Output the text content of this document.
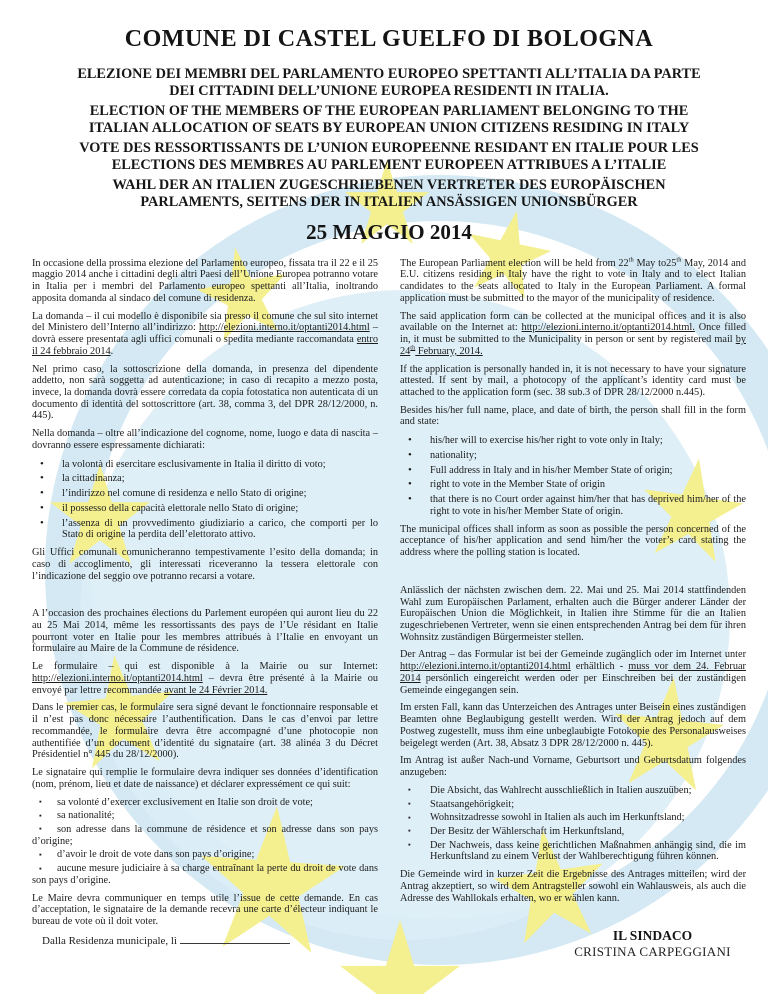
COMUNE DI CASTEL GUELFO DI BOLOGNA
ELEZIONE DEI MEMBRI DEL PARLAMENTO EUROPEO SPETTANTI ALL’ITALIA DA PARTE DEI CITTADINI DELL’UNIONE EUROPEA RESIDENTI IN ITALIA.
ELECTION OF THE MEMBERS OF THE EUROPEAN PARLIAMENT BELONGING TO THE ITALIAN ALLOCATION OF SEATS BY EUROPEAN UNION CITIZENS RESIDING IN ITALY
VOTE DES RESSORTISSANTS DE L’UNION EUROPEENNE RESIDANT EN ITALIE POUR LES ELECTIONS DES MEMBRES AU PARLEMENT EUROPEEN ATTRIBUES A L’ITALIE
WAHL DER AN ITALIEN ZUGESCHRIEBENEN VERTRETER DES EUROPÄISCHEN PARLAMENTS, SEITENS DER IN ITALIEN ANSÄSSIGEN UNIONSBÜRGER
25 MAGGIO 2014
In occasione della prossima elezione del Parlamento europeo, fissata tra il 22 e il 25 maggio 2014 anche i cittadini degli altri Paesi dell’Unione Europea potranno votare in Italia per i membri del Parlamento europeo spettanti all’Italia, inoltrando apposita domanda al sindaco del comune di residenza.
La domanda – il cui modello è disponibile sia presso il comune che sul sito internet del Ministero dell’Interno all’indirizzo: http://elezioni.interno.it/optanti2014.html – dovrà essere presentata agli uffici comunali o spedita mediante raccomandata entro il 24 febbraio 2014.
Nel primo caso, la sottoscrizione della domanda, in presenza del dipendente addetto, non sarà soggetta ad autenticazione; in caso di recapito a mezzo posta, invece, la domanda dovrà essere corredata da copia fotostatica non autenticata di un documento di identità del sottoscrittore (art. 38, comma 3, del DPR 28/12/2000, n. 445).
Nella domanda – oltre all’indicazione del cognome, nome, luogo e data di nascita – dovranno essere espressamente dichiarati:
• la volontà di esercitare esclusivamente in Italia il diritto di voto;
• la cittadinanza;
• l’indirizzo nel comune di residenza e nello Stato di origine;
• il possesso della capacità elettorale nello Stato di origine;
• l’assenza di un provvedimento giudiziario a carico, che comporti per lo Stato di origine la perdita dell’elettorato attivo.
Gli Uffici comunali comunicheranno tempestivamente l’esito della domanda; in caso di accoglimento, gli interessati riceveranno la tessera elettorale con l’indicazione del seggio ove potranno recarsi a votare.
A l’occasion des prochaines élections du Parlement européen qui auront lieu du 22 au 25 Mai 2014, même les ressortissants des pays de l’Ue résidant en Italie pourront voter en Italie pour les membres attribués à l’Italie en envoyant un formulaire au Maire de la Commune de résidence.
Le formulaire – qui est disponible à la Mairie ou sur Internet: http://elezioni.interno.it/optanti2014.html – devra être présenté à la Mairie ou envoyé par lettre recommandée avant le 24 Février 2014.
Dans le premier cas, le formulaire sera signé devant le fonctionnaire responsable et il n’est pas donc nécessaire l’authentification. Dans le cas d’envoi par lettre recommandée, le formulaire devra être accompagné d’une photocopie non authentifiée d’un document d’identité du signataire (art. 38 alinéa 3 du Décret Présidentiel n° 445 du 28/12/2000).
Le signataire qui remplie le formulaire devra indiquer ses données d’identification (nom, prénom, lieu et date de naissance) et déclarer expressément ce qui suit:
▪ sa volonté d’exercer exclusivement en Italie son droit de vote;
▪ sa nationalité;
▪ son adresse dans la commune de résidence et son adresse dans son pays d’origine;
▪ d’avoir le droit de vote dans son pays d’origine;
▪ aucune mesure judiciaire à sa charge entraînant la perte du droit de vote dans son pays d’origine.
Le Maire devra communiquer en temps utile l’issue de cette demande. En cas d’acceptation, le signataire de la demande recevra une carte d’électeur indiquant le bureau de vote où il doit voter.
The European Parliament election will be held from 22th May to25th May, 2014 and E.U. citizens residing in Italy have the right to vote in Italy and to elect Italian candidates to the seats allocated to Italy in the European Parliament. A formal application must be submitted to the mayor of the municipality of residence.
The said application form can be collected at the municipal offices and it is also available on the Internet at: http://elezioni.interno.it/optanti2014.html. Once filled in, it must be submitted to the Municipality in person or sent by registered mail by 24th February, 2014.
If the application is personally handed in, it is not necessary to have your signature attested. If sent by mail, a photocopy of the applicant’s identity card must be attached to the application form (sec. 38 sub.3 of DPR 28/12/2000 n.445).
Besides his/her full name, place, and date of birth, the person shall fill in the form and state:
• his/her will to exercise his/her right to vote only in Italy;
• nationality;
• Full address in Italy and in his/her Member State of origin;
• right to vote in the Member State of origin
• that there is no Court order against him/her that has deprived him/her of the right to vote in his/her Member State of origin.
The municipal offices shall inform as soon as possible the person concerned of the acceptance of his/her application and send him/her the voter’s card stating the address where the polling station is located.
Anlässlich der nächsten zwischen dem. 22. Mai und 25. Mai 2014 stattfindenden Wahl zum Europäischen Parlament, erhalten auch die Bürger anderer Länder der Europäischen Union die Möglichkeit, in Italien ihre Stimme für die an Italien zugeschriebenen Vertreter, wenn sie einen entsprechenden Antrag bei dem für ihren Wohnsitz zuständigen Bürgermeister stellen.
Der Antrag – das Formular ist bei der Gemeinde zugänglich oder im Internet unter http://elezioni.interno.it/optanti2014.html erhältlich - muss vor dem 24. Februar 2014 persönlich eingereicht werden oder per Einschreiben bei der zuständigen Gemeinde eingegangen sein.
Im ersten Fall, kann das Unterzeichen des Antrages unter Beisein eines zuständigen Beamten ohne Beglaubigung gestellt werden. Wird der Antrag jedoch auf dem Postweg zugestellt, muss ihm eine unbeglaubigte Fotokopie des Personalausweises beigelegt werden (Art. 38, Absatz 3 DPR 28/12/2000 n. 445).
Im Antrag ist außer Nach-und Vorname, Geburtsort und Geburtsdatum folgendes anzugeben:
▪ Die Absicht, das Wahlrecht ausschließlich in Italien auszuüben;
▪ Staatsangehörigkeit;
▪ Wohnsitzadresse sowohl in Italien als auch im Herkunftsland;
▪ Der Besitz der Wählerschaft im Herkunftsland,
▪ Der Nachweis, dass keine gerichtlichen Maßnahmen anhängig sind, die im Herkunftsland zu einem Verlust der Wahlberechtigung führen können.
Die Gemeinde wird in kurzer Zeit die Ergebnisse des Antrages mitteilen; wird der Antrag akzeptiert, so wird dem Antragsteller sowohl ein Wahlausweis, als auch die Adresse des Wahllokals erhalten, wo er wählen kann.
Dalla Residenza municipale, lì	IL SINDACO
CRISTINA CARPEGGIANI
